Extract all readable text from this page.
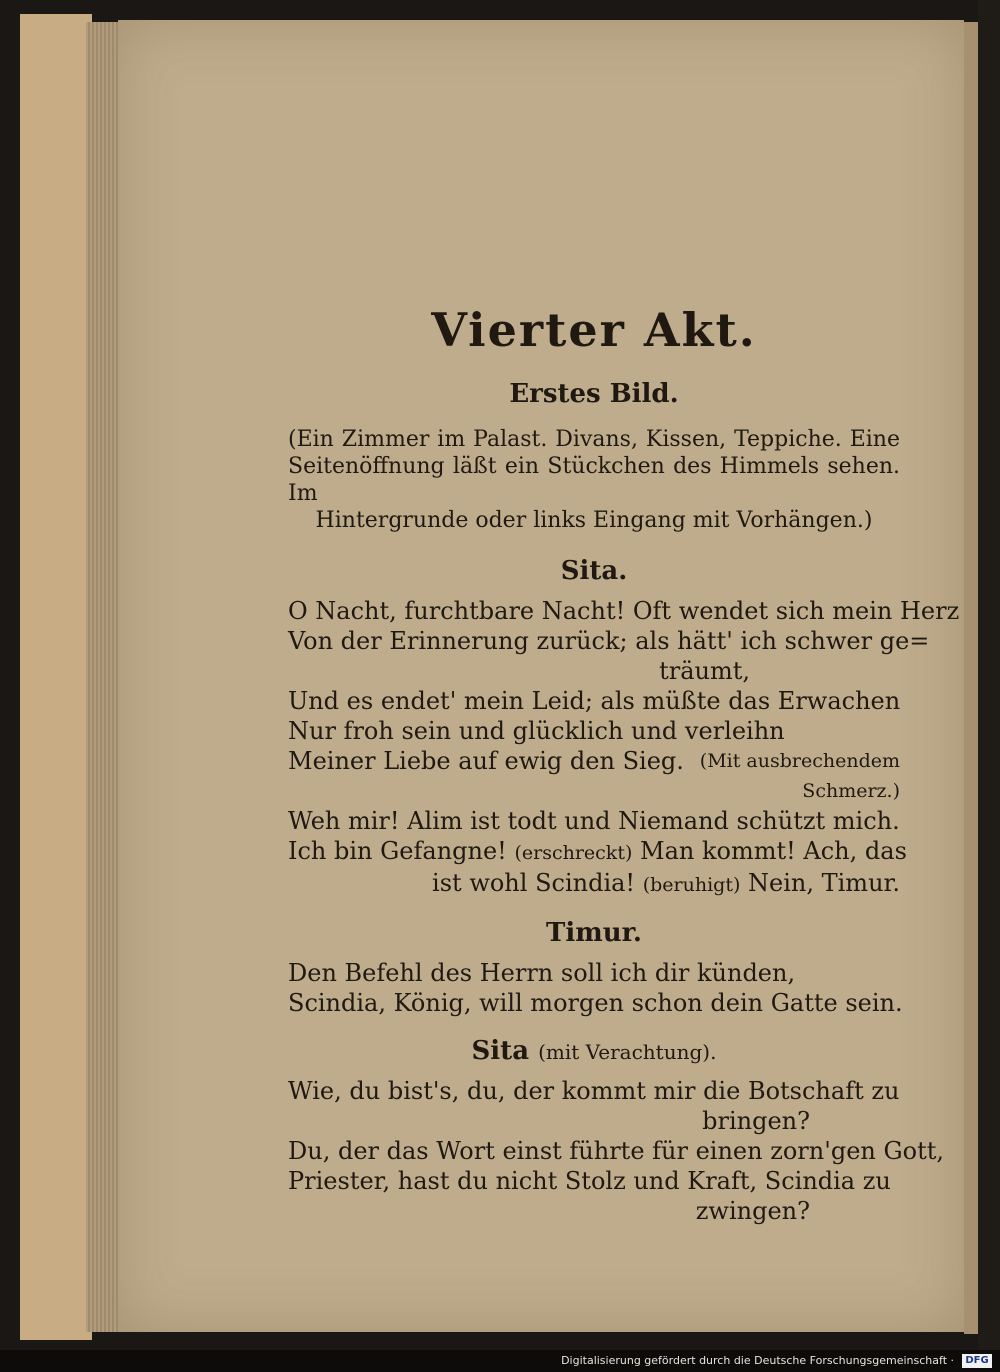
Vierter Akt.
Erstes Bild.
(Ein Zimmer im Palast. Divans, Kissen, Teppiche. Eine Seitenöffnung läßt ein Stückchen des Himmels sehen. Im
Hintergrunde oder links Eingang mit Vorhängen.)
Sita.
O Nacht, furchtbare Nacht! Oft wendet sich mein Herz
Von der Erinnerung zurück; als hätt' ich schwer ge=
träumt,
Und es endet' mein Leid; als müßte das Erwachen
Nur froh sein und glücklich und verleihn
Meiner Liebe auf ewig den Sieg. (Mit ausbrechendem
Schmerz.)
Weh mir! Alim ist todt und Niemand schützt mich.
Ich bin Gefangne! (erschreckt) Man kommt! Ach, das
ist wohl Scindia! (beruhigt) Nein, Timur.
Timur.
Den Befehl des Herrn soll ich dir künden,
Scindia, König, will morgen schon dein Gatte sein.
Sita (mit Verachtung).
Wie, du bist's, du, der kommt mir die Botschaft zu
bringen?
Du, der das Wort einst führte für einen zorn'gen Gott,
Priester, hast du nicht Stolz und Kraft, Scindia zu
zwingen?
Digitalisierung gefördert durch die Deutsche Forschungsgemeinschaft ·	DFG
